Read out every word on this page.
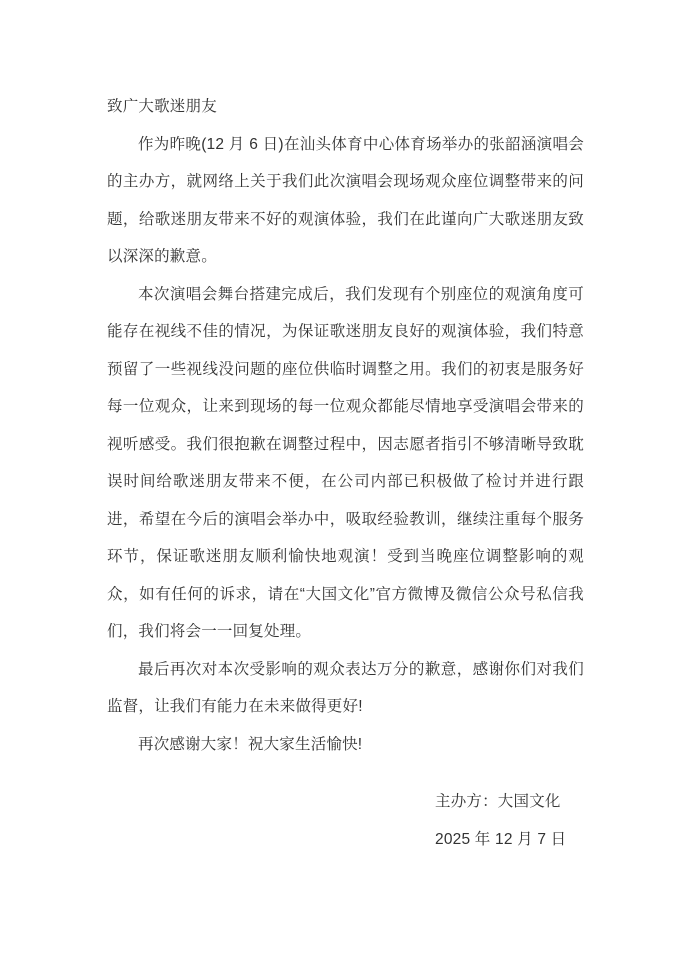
致广大歌迷朋友

作为昨晚(12 月 6 日)在汕头体育中心体育场举办的张韶涵演唱会的主办方，就网络上关于我们此次演唱会现场观众座位调整带来的问题，给歌迷朋友带来不好的观演体验，我们在此谨向广大歌迷朋友致以深深的歉意。

本次演唱会舞台搭建完成后，我们发现有个别座位的观演角度可能存在视线不佳的情况，为保证歌迷朋友良好的观演体验，我们特意预留了一些视线没问题的座位供临时调整之用。我们的初衷是服务好每一位观众，让来到现场的每一位观众都能尽情地享受演唱会带来的视听感受。我们很抱歉在调整过程中，因志愿者指引不够清晰导致耽误时间给歌迷朋友带来不便，在公司内部已积极做了检讨并进行跟进，希望在今后的演唱会举办中，吸取经验教训，继续注重每个服务环节，保证歌迷朋友顺利愉快地观演！受到当晚座位调整影响的观众，如有任何的诉求，请在“大国文化”官方微博及微信公众号私信我们，我们将会一一回复处理。

最后再次对本次受影响的观众表达万分的歉意，感谢你们对我们监督，让我们有能力在未来做得更好!

再次感谢大家！祝大家生活愉快!

主办方：大国文化
2025 年 12 月 7 日
